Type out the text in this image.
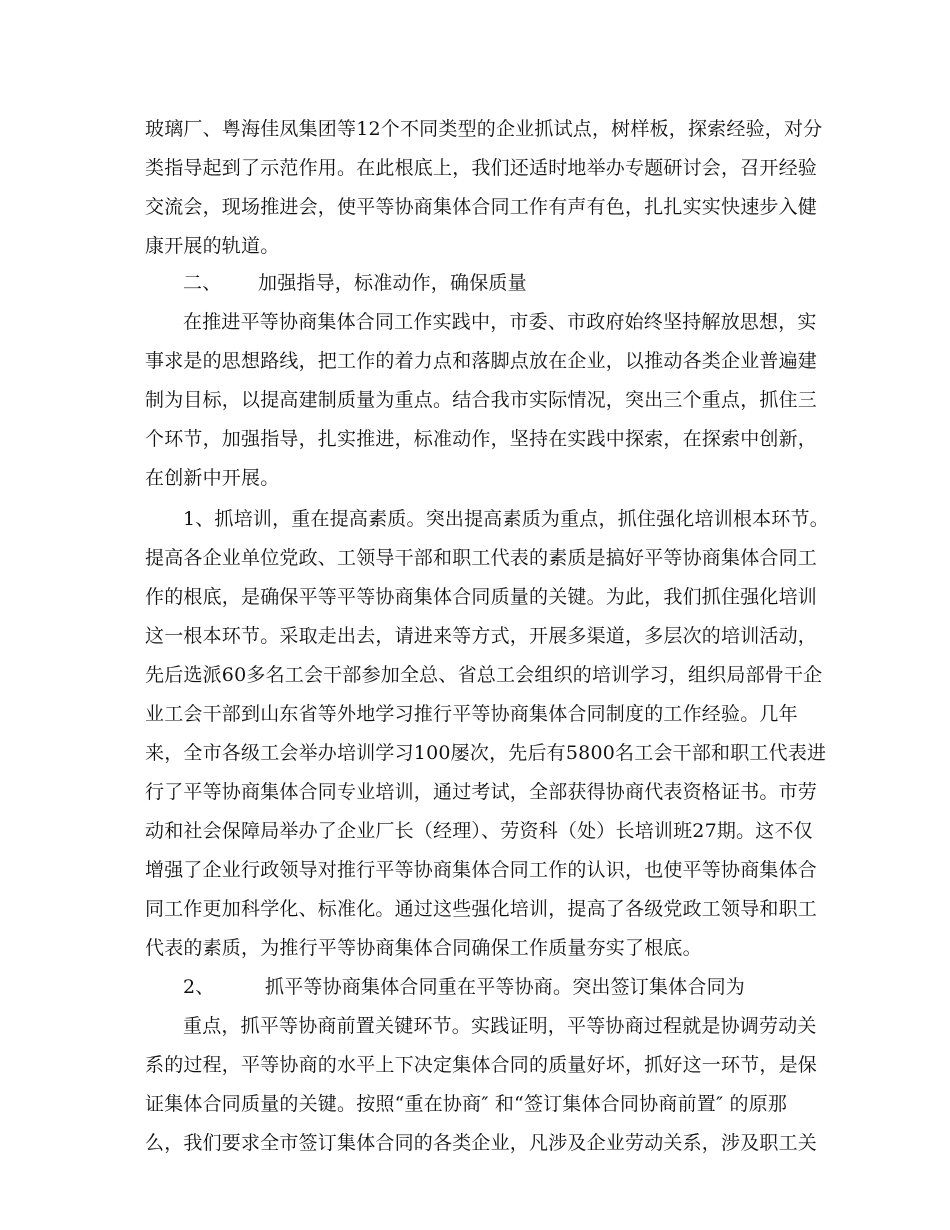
玻璃厂、粤海佳凤集团等12个不同类型的企业抓试点，树样板，探索经验，对分
类指导起到了示范作用。在此根底上，我们还适时地举办专题研讨会，召开经验
交流会，现场推进会，使平等协商集体合同工作有声有色，扎扎实实快速步入健
康开展的轨道。
二、 加强指导，标准动作，确保质量
在推进平等协商集体合同工作实践中，市委、市政府始终坚持解放思想，实
事求是的思想路线，把工作的着力点和落脚点放在企业，以推动各类企业普遍建
制为目标，以提高建制质量为重点。结合我市实际情况，突出三个重点，抓住三
个环节，加强指导，扎实推进，标准动作，坚持在实践中探索，在探索中创新，
在创新中开展。
1、抓培训，重在提高素质。突出提高素质为重点，抓住强化培训根本环节。
提高各企业单位党政、工领导干部和职工代表的素质是搞好平等协商集体合同工
作的根底，是确保平等平等协商集体合同质量的关键。为此，我们抓住强化培训
这一根本环节。采取走出去，请进来等方式，开展多渠道，多层次的培训活动，
先后选派60多名工会干部参加全总、省总工会组织的培训学习，组织局部骨干企
业工会干部到山东省等外地学习推行平等协商集体合同制度的工作经验。几年
来，全市各级工会举办培训学习100屡次，先后有5800名工会干部和职工代表进
行了平等协商集体合同专业培训，通过考试，全部获得协商代表资格证书。市劳
动和社会保障局举办了企业厂长（经理）、劳资科（处）长培训班27期。这不仅
增强了企业行政领导对推行平等协商集体合同工作的认识，也使平等协商集体合
同工作更加科学化、标准化。通过这些强化培训，提高了各级党政工领导和职工
代表的素质，为推行平等协商集体合同确保工作质量夯实了根底。
2、	抓平等协商集体合同重在平等协商。突出签订集体合同为
重点，抓平等协商前置关键环节。实践证明，平等协商过程就是协调劳动关
系的过程，平等协商的水平上下决定集体合同的质量好坏，抓好这一环节，是保
证集体合同质量的关键。按照“重在协商″ 和“签订集体合同协商前置″ 的原那
么，我们要求全市签订集体合同的各类企业，凡涉及企业劳动关系，涉及职工关
